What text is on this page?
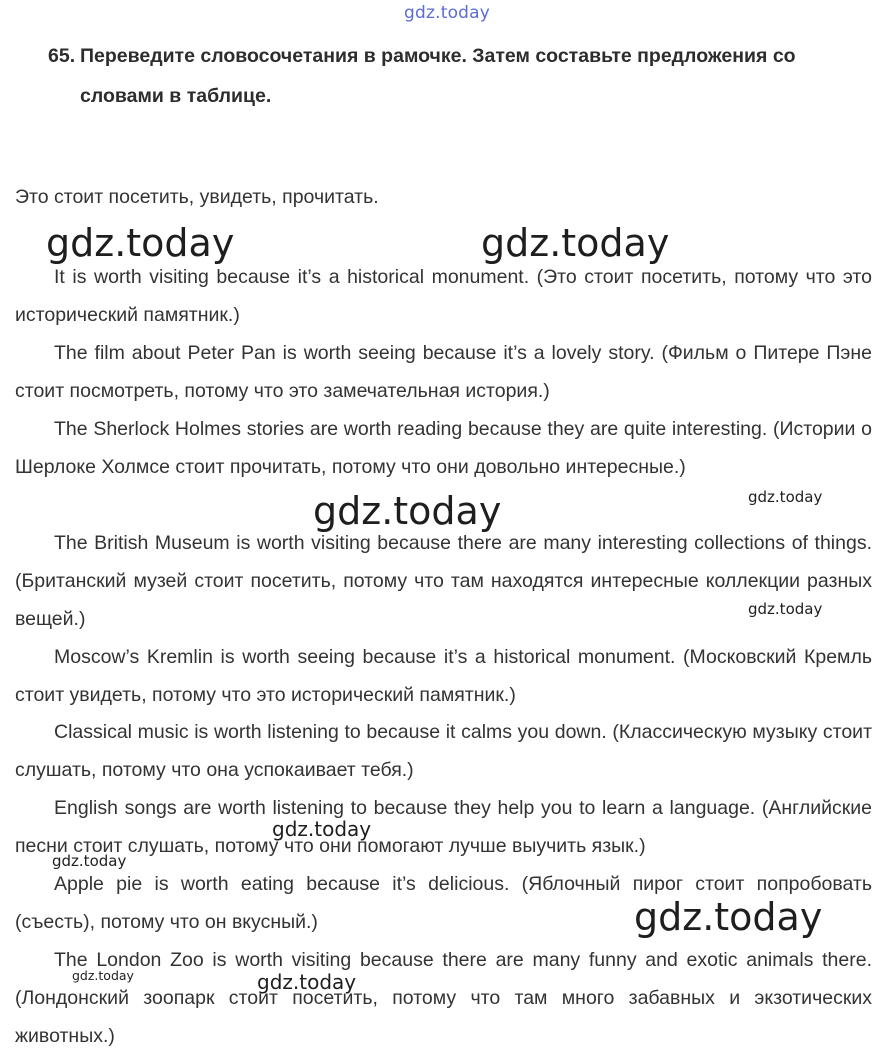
gdz.today
65. Переведите словосочетания в рамочке. Затем составьте предложения со словами в таблице.
Это стоит посетить, увидеть, прочитать.
It is worth visiting because it’s a historical monument. (Это стоит посетить, потому что это исторический памятник.)
The film about Peter Pan is worth seeing because it’s a lovely story. (Фильм о Питере Пэне стоит посмотреть, потому что это замечательная история.)
The Sherlock Holmes stories are worth reading because they are quite interesting. (Истории о Шерлоке Холмсе стоит прочитать, потому что они довольно интересные.)
The British Museum is worth visiting because there are many interesting collections of things. (Британский музей стоит посетить, потому что там находятся интересные коллекции разных вещей.)
Moscow’s Kremlin is worth seeing because it’s a historical monument. (Московский Кремль стоит увидеть, потому что это исторический памятник.)
Classical music is worth listening to because it calms you down. (Классическую музыку стоит слушать, потому что она успокаивает тебя.)
English songs are worth listening to because they help you to learn a language. (Английские песни стоит слушать, потому что они помогают лучше выучить язык.)
Apple pie is worth eating because it’s delicious. (Яблочный пирог стоит попробовать (съесть), потому что он вкусный.)
The London Zoo is worth visiting because there are many funny and exotic animals there. (Лондонский зоопарк стоит посетить, потому что там много забавных и экзотических животных.)
gdz.today	gdz.today
gdz.today	gdz.today
gdz.today
gdz.today
gdz.today
gdz.today
gdz.today	gdz.today
